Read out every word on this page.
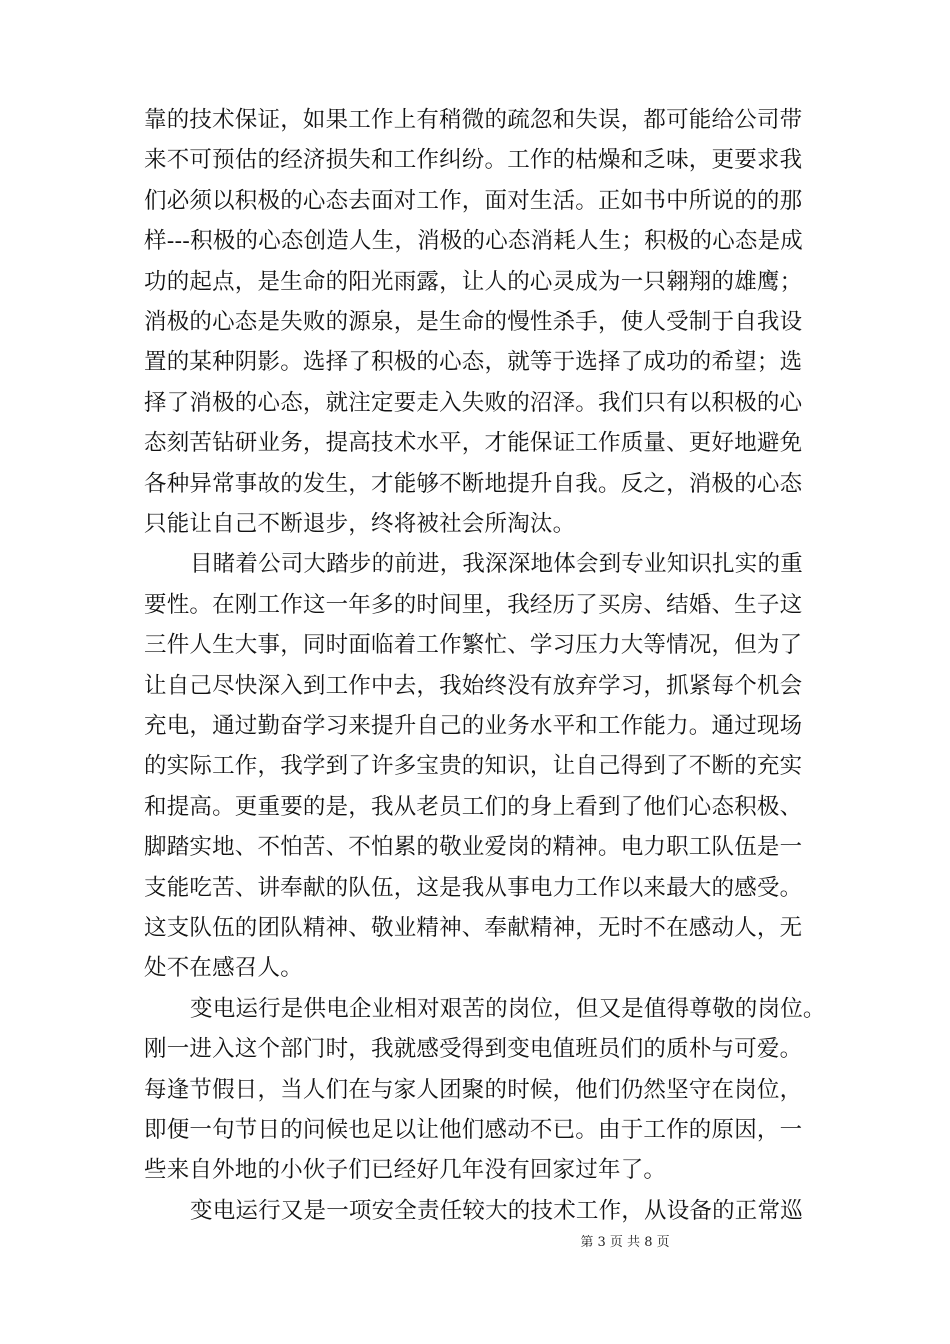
靠的技术保证，如果工作上有稍微的疏忽和失误，都可能给公司带
来不可预估的经济损失和工作纠纷。工作的枯燥和乏味，更要求我
们必须以积极的心态去面对工作，面对生活。正如书中所说的的那
样---积极的心态创造人生，消极的心态消耗人生；积极的心态是成
功的起点，是生命的阳光雨露，让人的心灵成为一只翱翔的雄鹰；
消极的心态是失败的源泉，是生命的慢性杀手，使人受制于自我设
置的某种阴影。选择了积极的心态，就等于选择了成功的希望；选
择了消极的心态，就注定要走入失败的沼泽。我们只有以积极的心
态刻苦钻研业务，提高技术水平，才能保证工作质量、更好地避免
各种异常事故的发生，才能够不断地提升自我。反之，消极的心态
只能让自己不断退步，终将被社会所淘汰。
目睹着公司大踏步的前进，我深深地体会到专业知识扎实的重
要性。在刚工作这一年多的时间里，我经历了买房、结婚、生子这
三件人生大事，同时面临着工作繁忙、学习压力大等情况，但为了
让自己尽快深入到工作中去，我始终没有放弃学习，抓紧每个机会
充电，通过勤奋学习来提升自己的业务水平和工作能力。通过现场
的实际工作，我学到了许多宝贵的知识，让自己得到了不断的充实
和提高。更重要的是，我从老员工们的身上看到了他们心态积极、
脚踏实地、不怕苦、不怕累的敬业爱岗的精神。电力职工队伍是一
支能吃苦、讲奉献的队伍，这是我从事电力工作以来最大的感受。
这支队伍的团队精神、敬业精神、奉献精神，无时不在感动人，无
处不在感召人。
变电运行是供电企业相对艰苦的岗位，但又是值得尊敬的岗位。
刚一进入这个部门时，我就感受得到变电值班员们的质朴与可爱。
每逢节假日，当人们在与家人团聚的时候，他们仍然坚守在岗位，
即便一句节日的问候也足以让他们感动不已。由于工作的原因，一
些来自外地的小伙子们已经好几年没有回家过年了。
变电运行又是一项安全责任较大的技术工作，从设备的正常巡
第 3 页 共 8 页
